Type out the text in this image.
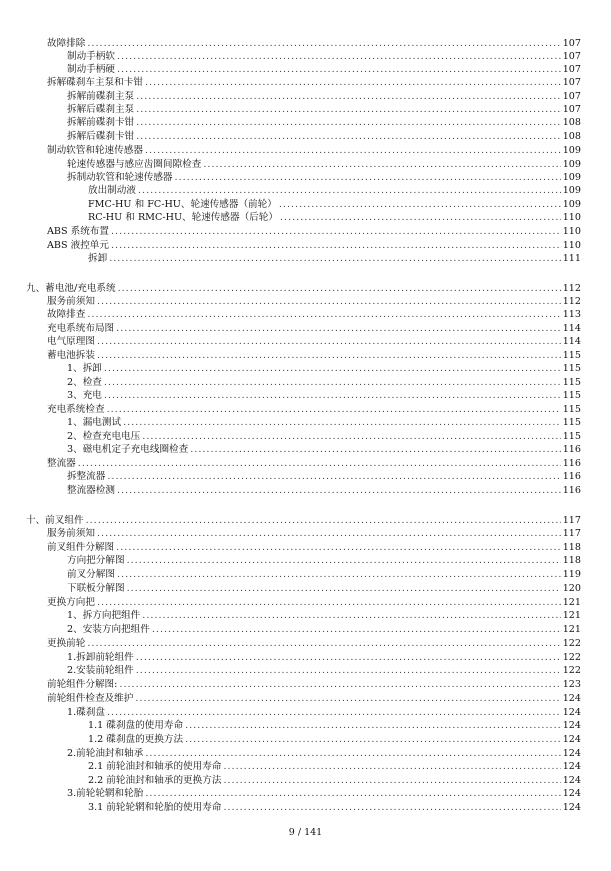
故障排除 .....	107
制动手柄软 .....	107
制动手柄硬 .....	107
拆解碟刹车主泵和卡钳 .....	107
拆解前碟刹主泵 .....	107
拆解后碟刹主泵 .....	107
拆解前碟刹卡钳 .....	108
拆解后碟刹卡钳 .....	108
制动软管和轮速传感器 .....	109
轮速传感器与感应齿圈间隙检查 .....	109
拆制动软管和轮速传感器 .....	109
放出制动液 .....	109
FMC-HU 和 FC-HU、轮速传感器（前轮） .....	109
RC-HU 和 RMC-HU、轮速传感器（后轮） .....	110
ABS 系统布置 .....	110
ABS 液控单元 .....	110
拆卸 .....	111
九、蓄电池/充电系统 .....	112
服务前须知 .....	112
故障排查 .....	113
充电系统布局图 .....	114
电气原理图 .....	114
蓄电池拆装 .....	115
1、拆卸 .....	115
2、检查 .....	115
3、充电 .....	115
充电系统检查 .....	115
1、漏电测试 .....	115
2、检查充电电压 .....	115
3、磁电机定子充电线圈检查 .....	116
整流器 .....	116
拆整流器 .....	116
整流器检测 .....	116
十、前叉组件 .....	117
服务前须知 .....	117
前叉组件分解图 .....	118
方向把分解图 .....	118
前叉分解图 .....	119
下联板分解图 .....	120
更换方向把 .....	121
1、拆方向把组件 .....	121
2、安装方向把组件 .....	121
更换前轮 .....	122
1.拆卸前轮组件 .....	122
2.安装前轮组件 .....	122
前轮组件分解图: .....	123
前轮组件检查及维护 .....	124
1.碟刹盘 .....	124
1.1 碟刹盘的使用寿命 .....	124
1.2 碟刹盘的更换方法 .....	124
2.前轮油封和轴承 .....	124
2.1 前轮油封和轴承的使用寿命 .....	124
2.2 前轮油封和轴承的更换方法 .....	124
3.前轮轮辋和轮胎 .....	124
3.1 前轮轮辋和轮胎的使用寿命 .....	124
9 / 141
